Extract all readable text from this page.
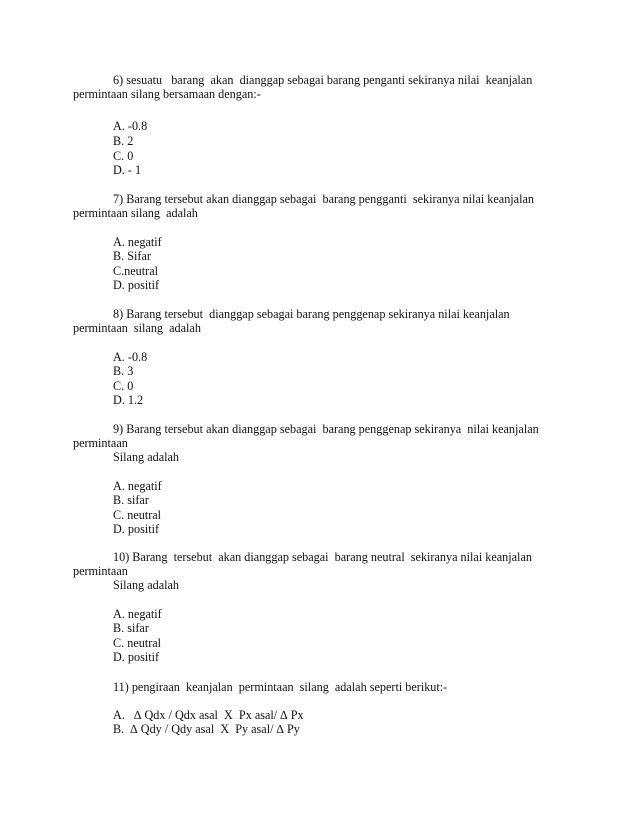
6) sesuatu   barang  akan  dianggap sebagai barang penganti sekiranya nilai  keanjalan
permintaan silang bersamaan dengan:-
A. -0.8
B. 2
C. 0
D. - 1
7) Barang tersebut akan dianggap sebagai  barang pengganti  sekiranya nilai keanjalan
permintaan silang  adalah
A. negatif
B. Sifar
C.neutral
D. positif
8) Barang tersebut  dianggap sebagai barang penggenap sekiranya nilai keanjalan
permintaan  silang  adalah
A. -0.8
B. 3
C. 0
D. 1.2
9) Barang tersebut akan dianggap sebagai  barang penggenap sekiranya  nilai keanjalan
permintaan
Silang adalah
A. negatif
B. sifar
C. neutral
D. positif
10) Barang  tersebut  akan dianggap sebagai  barang neutral  sekiranya nilai keanjalan
permintaan
Silang adalah
A. negatif
B. sifar
C. neutral
D. positif
11) pengiraan  keanjalan  permintaan  silang  adalah seperti berikut:-
A.   ∆ Qdx / Qdx asal  X  Px asal/ ∆ Px
B.  ∆ Qdy / Qdy asal  X  Py asal/ ∆ Py
